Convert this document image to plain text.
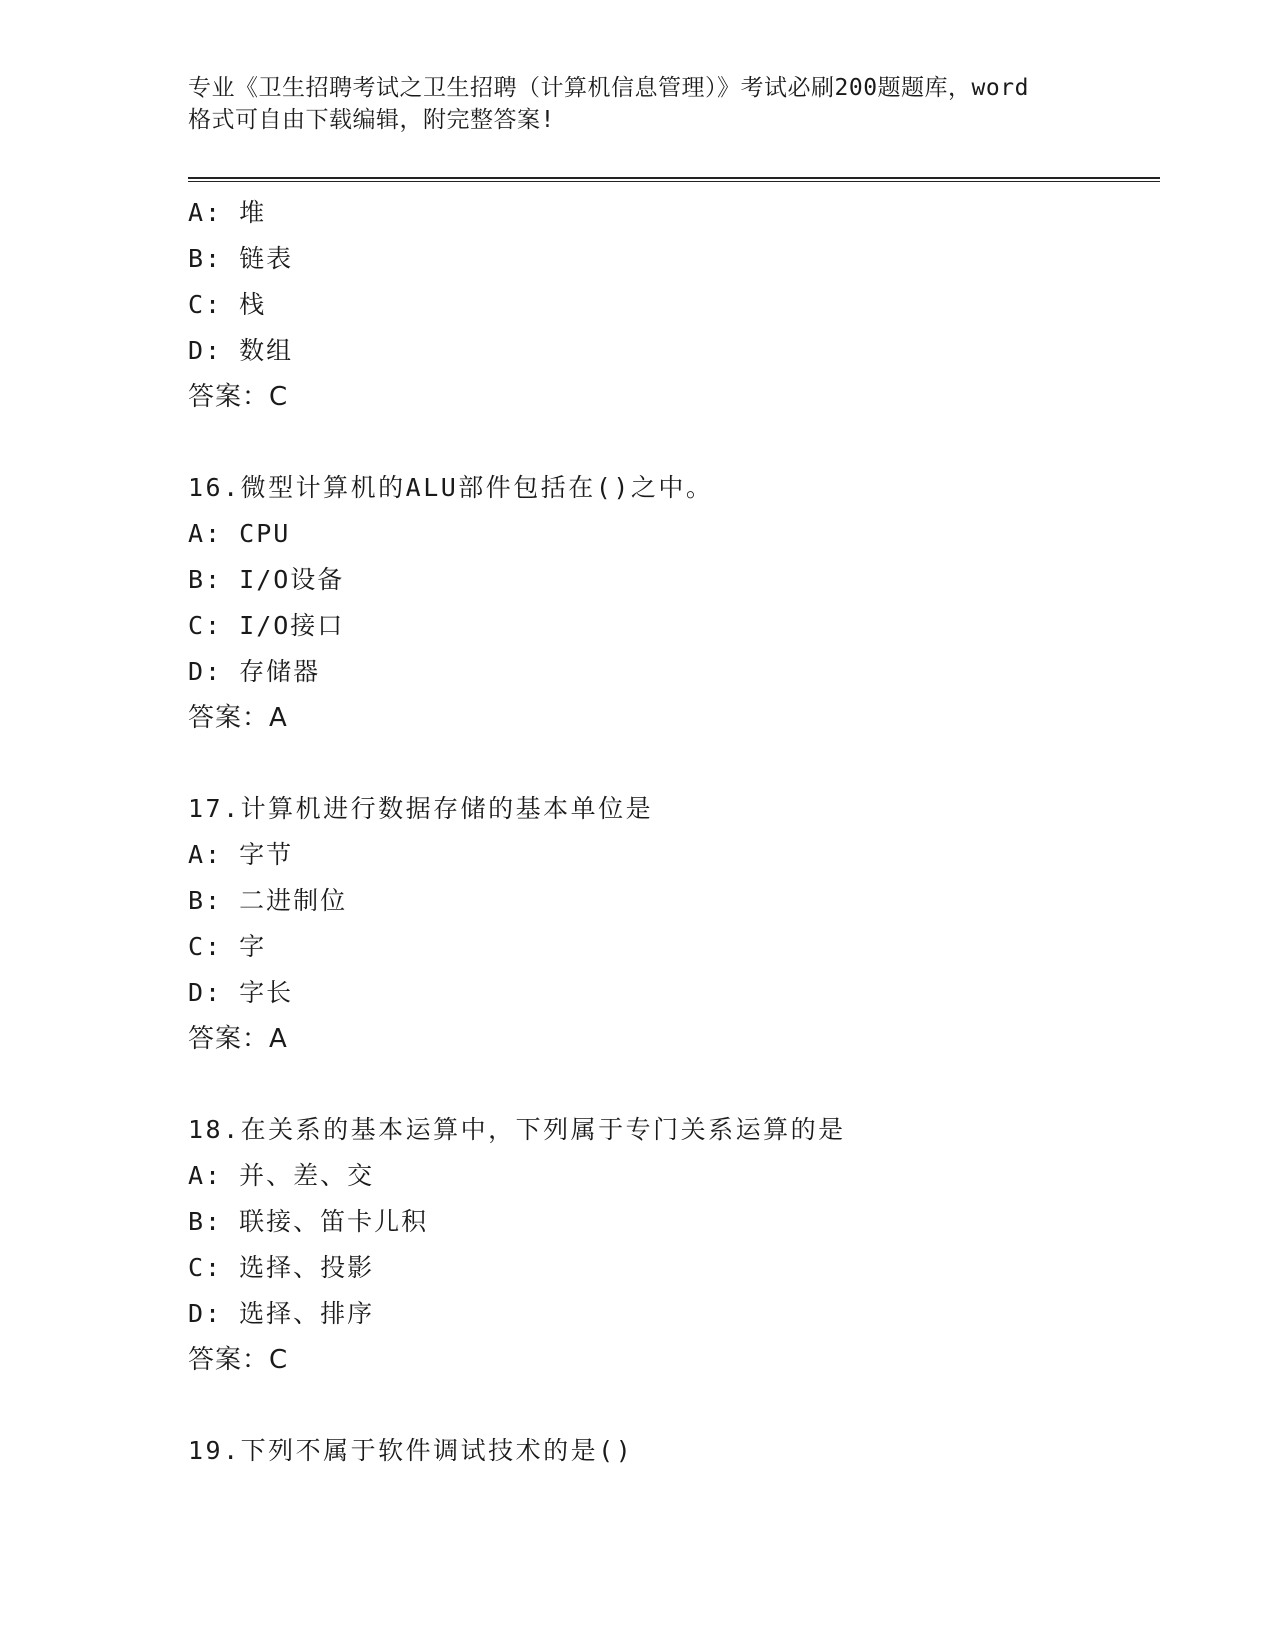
专业《卫生招聘考试之卫生招聘（计算机信息管理）》考试必刷200题题库，word
格式可自由下载编辑，附完整答案!
A: 堆
B: 链表
C: 栈
D: 数组
答案：C
16.微型计算机的ALU部件包括在()之中。
A: CPU
B: I/O设备
C: I/O接口
D: 存储器
答案：A
17.计算机进行数据存储的基本单位是
A: 字节
B: 二进制位
C: 字
D: 字长
答案：A
18.在关系的基本运算中，下列属于专门关系运算的是
A: 并、差、交
B: 联接、笛卡儿积
C: 选择、投影
D: 选择、排序
答案：C
19.下列不属于软件调试技术的是()
